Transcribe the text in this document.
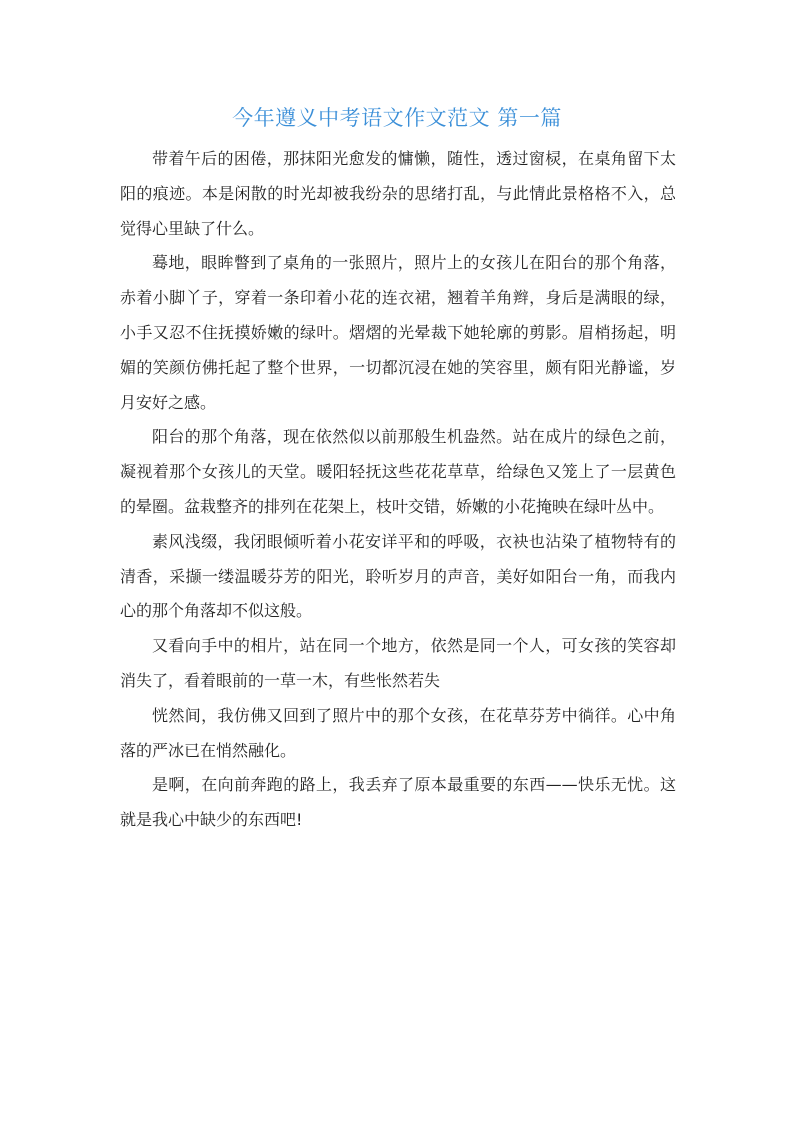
今年遵义中考语文作文范文 第一篇

带着午后的困倦，那抹阳光愈发的慵懒，随性，透过窗棂，在桌角留下太阳的痕迹。本是闲散的时光却被我纷杂的思绪打乱，与此情此景格格不入，总觉得心里缺了什么。

蓦地，眼眸瞥到了桌角的一张照片，照片上的女孩儿在阳台的那个角落，赤着小脚丫子，穿着一条印着小花的连衣裙，翘着羊角辫，身后是满眼的绿，小手又忍不住抚摸娇嫩的绿叶。熠熠的光晕裁下她轮廓的剪影。眉梢扬起，明媚的笑颜仿佛托起了整个世界，一切都沉浸在她的笑容里，颇有阳光静谧，岁月安好之感。

阳台的那个角落，现在依然似以前那般生机盎然。站在成片的绿色之前，凝视着那个女孩儿的天堂。暖阳轻抚这些花花草草，给绿色又笼上了一层黄色的晕圈。盆栽整齐的排列在花架上，枝叶交错，娇嫩的小花掩映在绿叶丛中。

素风浅缀，我闭眼倾听着小花安详平和的呼吸，衣袂也沾染了植物特有的清香，采撷一缕温暖芬芳的阳光，聆听岁月的声音，美好如阳台一角，而我内心的那个角落却不似这般。

又看向手中的相片，站在同一个地方，依然是同一个人，可女孩的笑容却消失了，看着眼前的一草一木，有些怅然若失

恍然间，我仿佛又回到了照片中的那个女孩，在花草芬芳中徜徉。心中角落的严冰已在悄然融化。

是啊，在向前奔跑的路上，我丢弃了原本最重要的东西——快乐无忧。这就是我心中缺少的东西吧!
